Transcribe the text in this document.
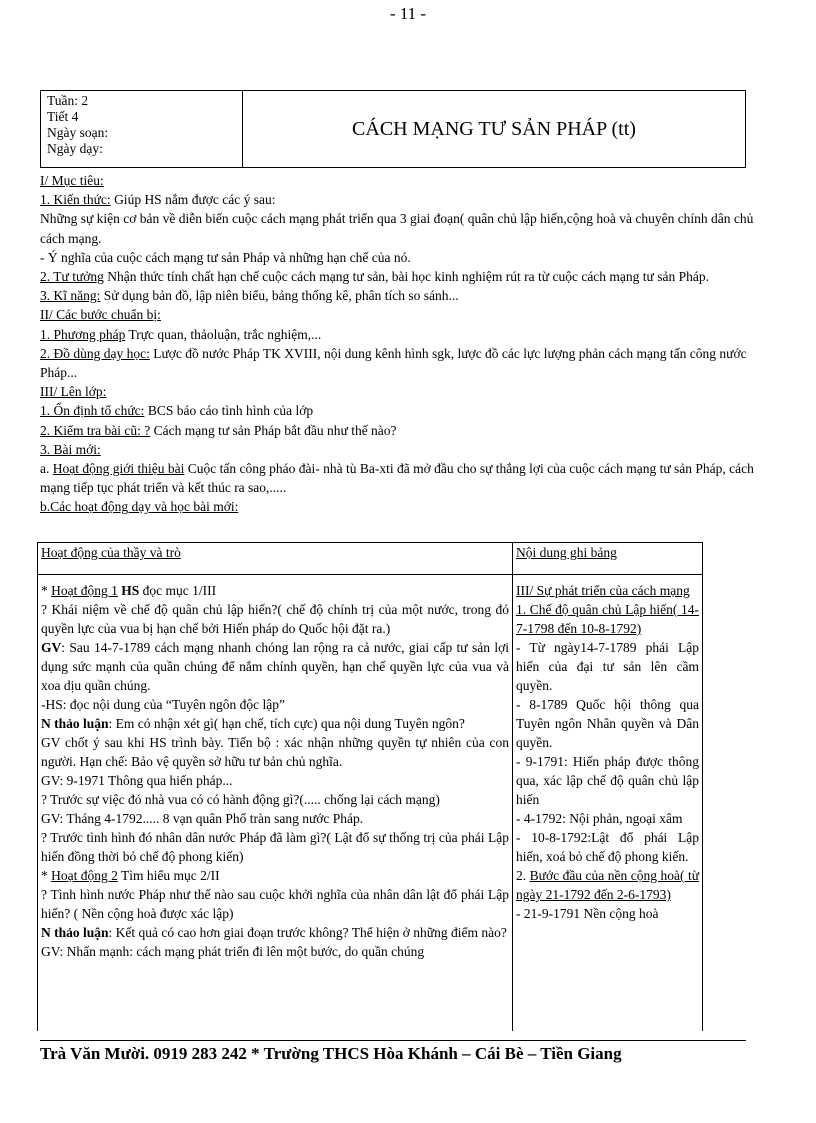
- 11 -
Tuần: 2
Tiết 4
Ngày soạn:
Ngày dạy:
CÁCH MẠNG TƯ SẢN PHÁP (tt)

I/ Mục tiêu:

1. Kiến thức: Giúp HS nắm được các ý sau:

Những sự kiện cơ bản về diễn biến cuộc cách mạng phát triển qua 3 giai đoạn( quân chủ lập hiến,cộng hoà và chuyên chính dân chủ cách mạng.

- Ý nghĩa của cuộc cách mạng tư sản Pháp và những hạn chế của nó.

2. Tư tưởng Nhận thức tính chất hạn chế cuộc cách mạng tư sản, bài học kinh nghiệm rút ra từ cuộc cách mạng tư sản Pháp.

3. Kĩ năng: Sử dụng bản đồ, lập niên biểu, bảng thống kê, phân tích so sánh...

II/ Các bước chuẩn bị:

1. Phương pháp Trực quan, thảoluận, trắc nghiệm,...

2. Đồ dùng dạy học: Lược đồ nước Pháp TK XVIII, nội dung kênh hình sgk, lược đồ các lực lượng phản cách mạng tấn công nước Pháp...

III/ Lên lớp:

1. Ổn định tổ chức: BCS báo cáo tình hình của lớp

2. Kiểm tra bài cũ: ? Cách mạng tư sản Pháp bắt đầu như thế nào?

3. Bài mới:

a. Hoạt động giới thiệu bài Cuộc tấn công pháo đài- nhà tù Ba-xti đã mở đầu cho sự thắng lợi của cuộc cách mạng tư sản Pháp, cách mạng tiếp tục phát triển và kết thúc ra sao,.....

b.Các hoạt động dạy và học bài mới:

Hoạt động của thầy và trò	Nội dung ghi bảng

* Hoạt động 1 HS đọc mục 1/III

? Khái niệm về chế độ quân chủ lập hiến?( chế độ chính trị của một nước, trong đó quyền lực của vua bị hạn chế bởi Hiến pháp do Quốc hội đặt ra.)

GV: Sau 14-7-1789 cách mạng nhanh chóng lan rộng ra cả nước, giai cấp tư sản lợi dụng sức mạnh của quần chúng để nắm chính quyền, hạn chế quyền lực của vua và xoa dịu quần chúng.

-HS: đọc nội dung của “Tuyên ngôn độc lập”

N thảo luận: Em có nhận xét gì( hạn chế, tích cực) qua nội dung Tuyên ngôn?

GV chốt ý sau khi HS trình bày. Tiến bộ : xác nhận những quyền tự nhiên của con người. Hạn chế: Bảo vệ quyền sở hữu tư bản chủ nghĩa.

GV: 9-1971 Thông qua hiến pháp...

? Trước sự việc đó nhà vua có có hành động gì?(..... chống lại cách mạng)

GV: Tháng 4-1792..... 8 vạn quân Phổ tràn sang nước Pháp.

? Trước tình hình đó nhân dân nước Pháp đã làm gì?( Lật đổ sự thống trị của phái Lập hiến đồng thời bỏ chế độ phong kiến)

* Hoạt động 2 Tìm hiểu mục 2/II

? Tình hình nước Pháp như thế nào sau cuộc khởi nghĩa của nhân dân lật đổ phái Lập hiến? ( Nền cộng hoà được xác lập)

N thảo luận: Kết quả có cao hơn giai đoạn trước không? Thể hiện ở những điểm nào?

GV: Nhấn mạnh: cách mạng phát triển đi lên một bước, do quần chúng

III/ Sự phát triển của cách mạng

1. Chế độ quân chủ Lập hiến( 14-7-1798 đến 10-8-1792)

- Từ ngày14-7-1789 phái Lập hiến của đại tư sản lên cầm quyền.

- 8-1789 Quốc hội thông qua Tuyên ngôn Nhân quyền và Dân quyền.

- 9-1791: Hiến pháp được thông qua, xác lập chế độ quân chủ lập hiến

- 4-1792: Nội phản, ngoại xâm

- 10-8-1792:Lật đổ phái Lập hiến, xoá bỏ chế độ phong kiến.

2. Bước đầu của nền cộng hoà( từ ngày 21-1792 đến 2-6-1793)

- 21-9-1791 Nền cộng hoà

Trà Văn Mười. 0919 283 242 * Trường THCS Hòa Khánh – Cái Bè – Tiền Giang
